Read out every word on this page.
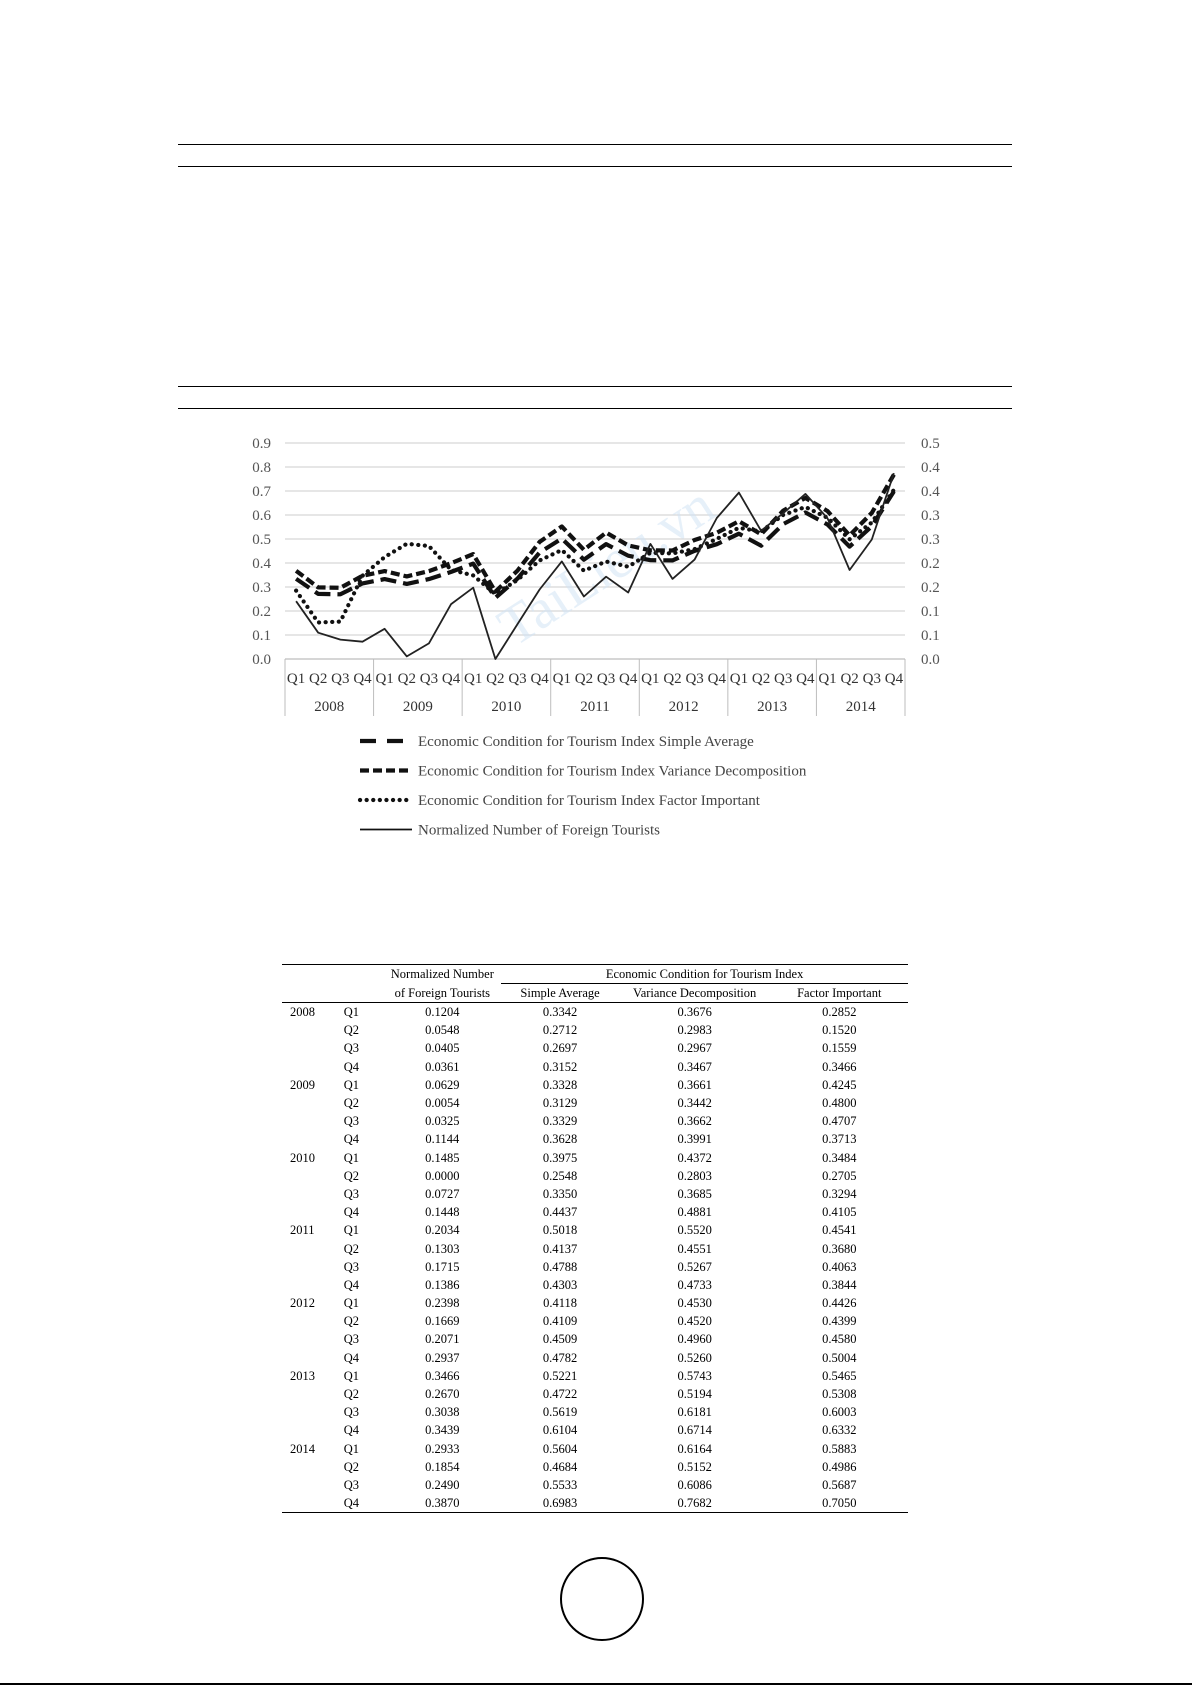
0.0
0.1
0.2
0.3
0.4
0.5
0.6
0.7
0.8
0.9
0.0
0.1
0.1
0.2
0.2
0.3
0.3
0.4
0.4
0.5
Q1 Q2 Q3 Q4 Q1 Q2 Q3 Q4 Q1 Q2 Q3 Q4 Q1 Q2 Q3 Q4 Q1 Q2 Q3 Q4 Q1 Q2 Q3 Q4 Q1 Q2 Q3 Q4
2008	2009	2010	2011	2012	2013	2014
TaiLieu.vn
Economic Condition for Tourism Index Simple Average
Economic Condition for Tourism Index Variance Decomposition
Economic Condition for Tourism Index Factor Important
Normalized Number of Foreign Tourists
		Normalized Number	Economic Condition for Tourism Index		
		of Foreign Tourists	Simple Average	Variance Decomposition	Factor Important
2008	Q1	0.1204	0.3342	0.3676	0.2852
	Q2	0.0548	0.2712	0.2983	0.1520
	Q3	0.0405	0.2697	0.2967	0.1559
	Q4	0.0361	0.3152	0.3467	0.3466
2009	Q1	0.0629	0.3328	0.3661	0.4245
	Q2	0.0054	0.3129	0.3442	0.4800
	Q3	0.0325	0.3329	0.3662	0.4707
	Q4	0.1144	0.3628	0.3991	0.3713
2010	Q1	0.1485	0.3975	0.4372	0.3484
	Q2	0.0000	0.2548	0.2803	0.2705
	Q3	0.0727	0.3350	0.3685	0.3294
	Q4	0.1448	0.4437	0.4881	0.4105
2011	Q1	0.2034	0.5018	0.5520	0.4541
	Q2	0.1303	0.4137	0.4551	0.3680
	Q3	0.1715	0.4788	0.5267	0.4063
	Q4	0.1386	0.4303	0.4733	0.3844
2012	Q1	0.2398	0.4118	0.4530	0.4426
	Q2	0.1669	0.4109	0.4520	0.4399
	Q3	0.2071	0.4509	0.4960	0.4580
	Q4	0.2937	0.4782	0.5260	0.5004
2013	Q1	0.3466	0.5221	0.5743	0.5465
	Q2	0.2670	0.4722	0.5194	0.5308
	Q3	0.3038	0.5619	0.6181	0.6003
	Q4	0.3439	0.6104	0.6714	0.6332
2014	Q1	0.2933	0.5604	0.6164	0.5883
	Q2	0.1854	0.4684	0.5152	0.4986
	Q3	0.2490	0.5533	0.6086	0.5687
	Q4	0.3870	0.6983	0.7682	0.7050
